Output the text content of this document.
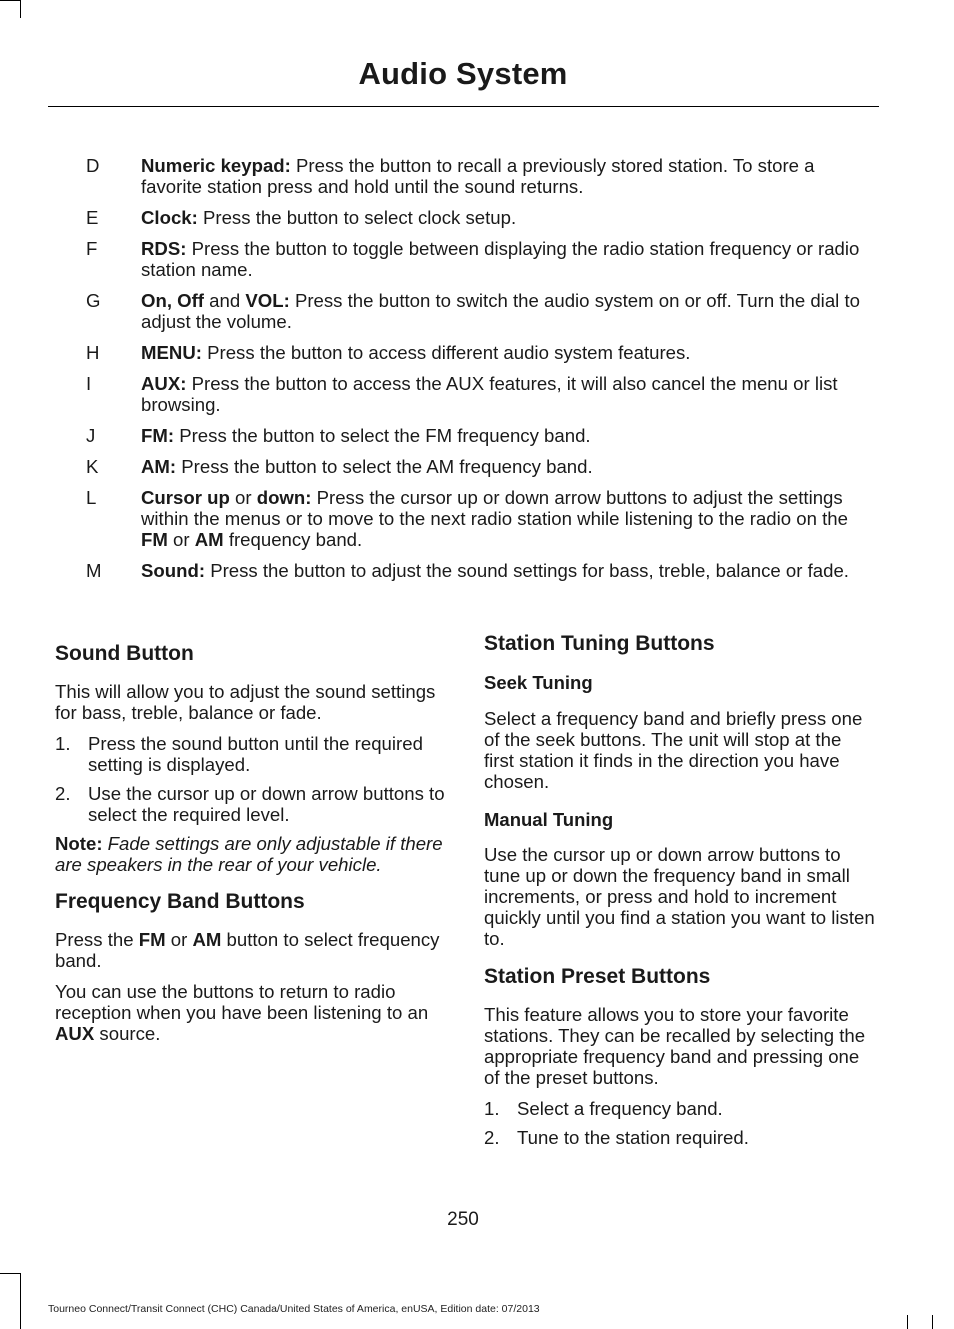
Audio System
D	Numeric keypad: Press the button to recall a previously stored station. To store a favorite station press and hold until the sound returns.
E	Clock: Press the button to select clock setup.
F	RDS: Press the button to toggle between displaying the radio station frequency or radio station name.
G	On, Off and VOL: Press the button to switch the audio system on or off. Turn the dial to adjust the volume.
H	MENU: Press the button to access different audio system features.
I	AUX: Press the button to access the AUX features, it will also cancel the menu or list browsing.
J	FM: Press the button to select the FM frequency band.
K	AM: Press the button to select the AM frequency band.
L	Cursor up or down: Press the cursor up or down arrow buttons to adjust the settings within the menus or to move to the next radio station while listening to the radio on the FM or AM frequency band.
M	Sound: Press the button to adjust the sound settings for bass, treble, balance or fade.
Sound Button
This will allow you to adjust the sound settings for bass, treble, balance or fade.
1. Press the sound button until the required setting is displayed.
2. Use the cursor up or down arrow buttons to select the required level.
Note: Fade settings are only adjustable if there are speakers in the rear of your vehicle.
Frequency Band Buttons
Press the FM or AM button to select frequency band.
You can use the buttons to return to radio reception when you have been listening to an AUX source.
Station Tuning Buttons
Seek Tuning
Select a frequency band and briefly press one of the seek buttons. The unit will stop at the first station it finds in the direction you have chosen.
Manual Tuning
Use the cursor up or down arrow buttons to tune up or down the frequency band in small increments, or press and hold to increment quickly until you find a station you want to listen to.
Station Preset Buttons
This feature allows you to store your favorite stations. They can be recalled by selecting the appropriate frequency band and pressing one of the preset buttons.
1. Select a frequency band.
2. Tune to the station required.
250
Tourneo Connect/Transit Connect (CHC) Canada/United States of America, enUSA, Edition date: 07/2013
